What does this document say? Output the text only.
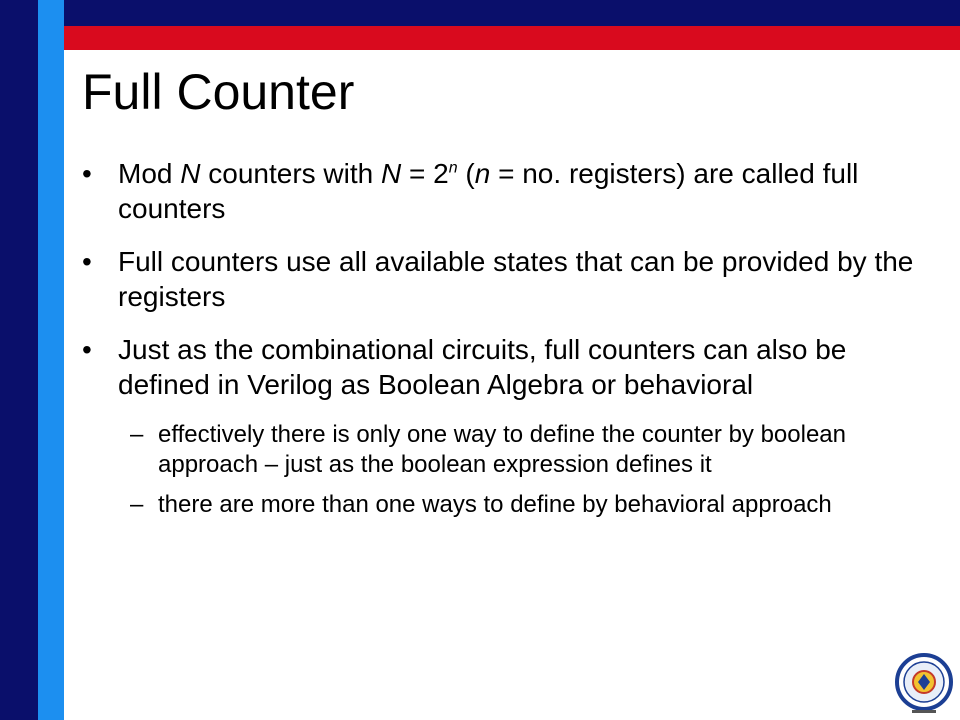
Full Counter
• Mod N counters with $N = 2^n$ (n = no. registers) are called full counters
• Full counters use all available states that can be provided by the registers
• Just as the combinational circuits, full counters can also be defined in Verilog as Boolean Algebra or behavioral
– effectively there is only one way to define the counter by boolean approach – just as the boolean expression defines it
– there are more than one ways to define by behavioral approach
